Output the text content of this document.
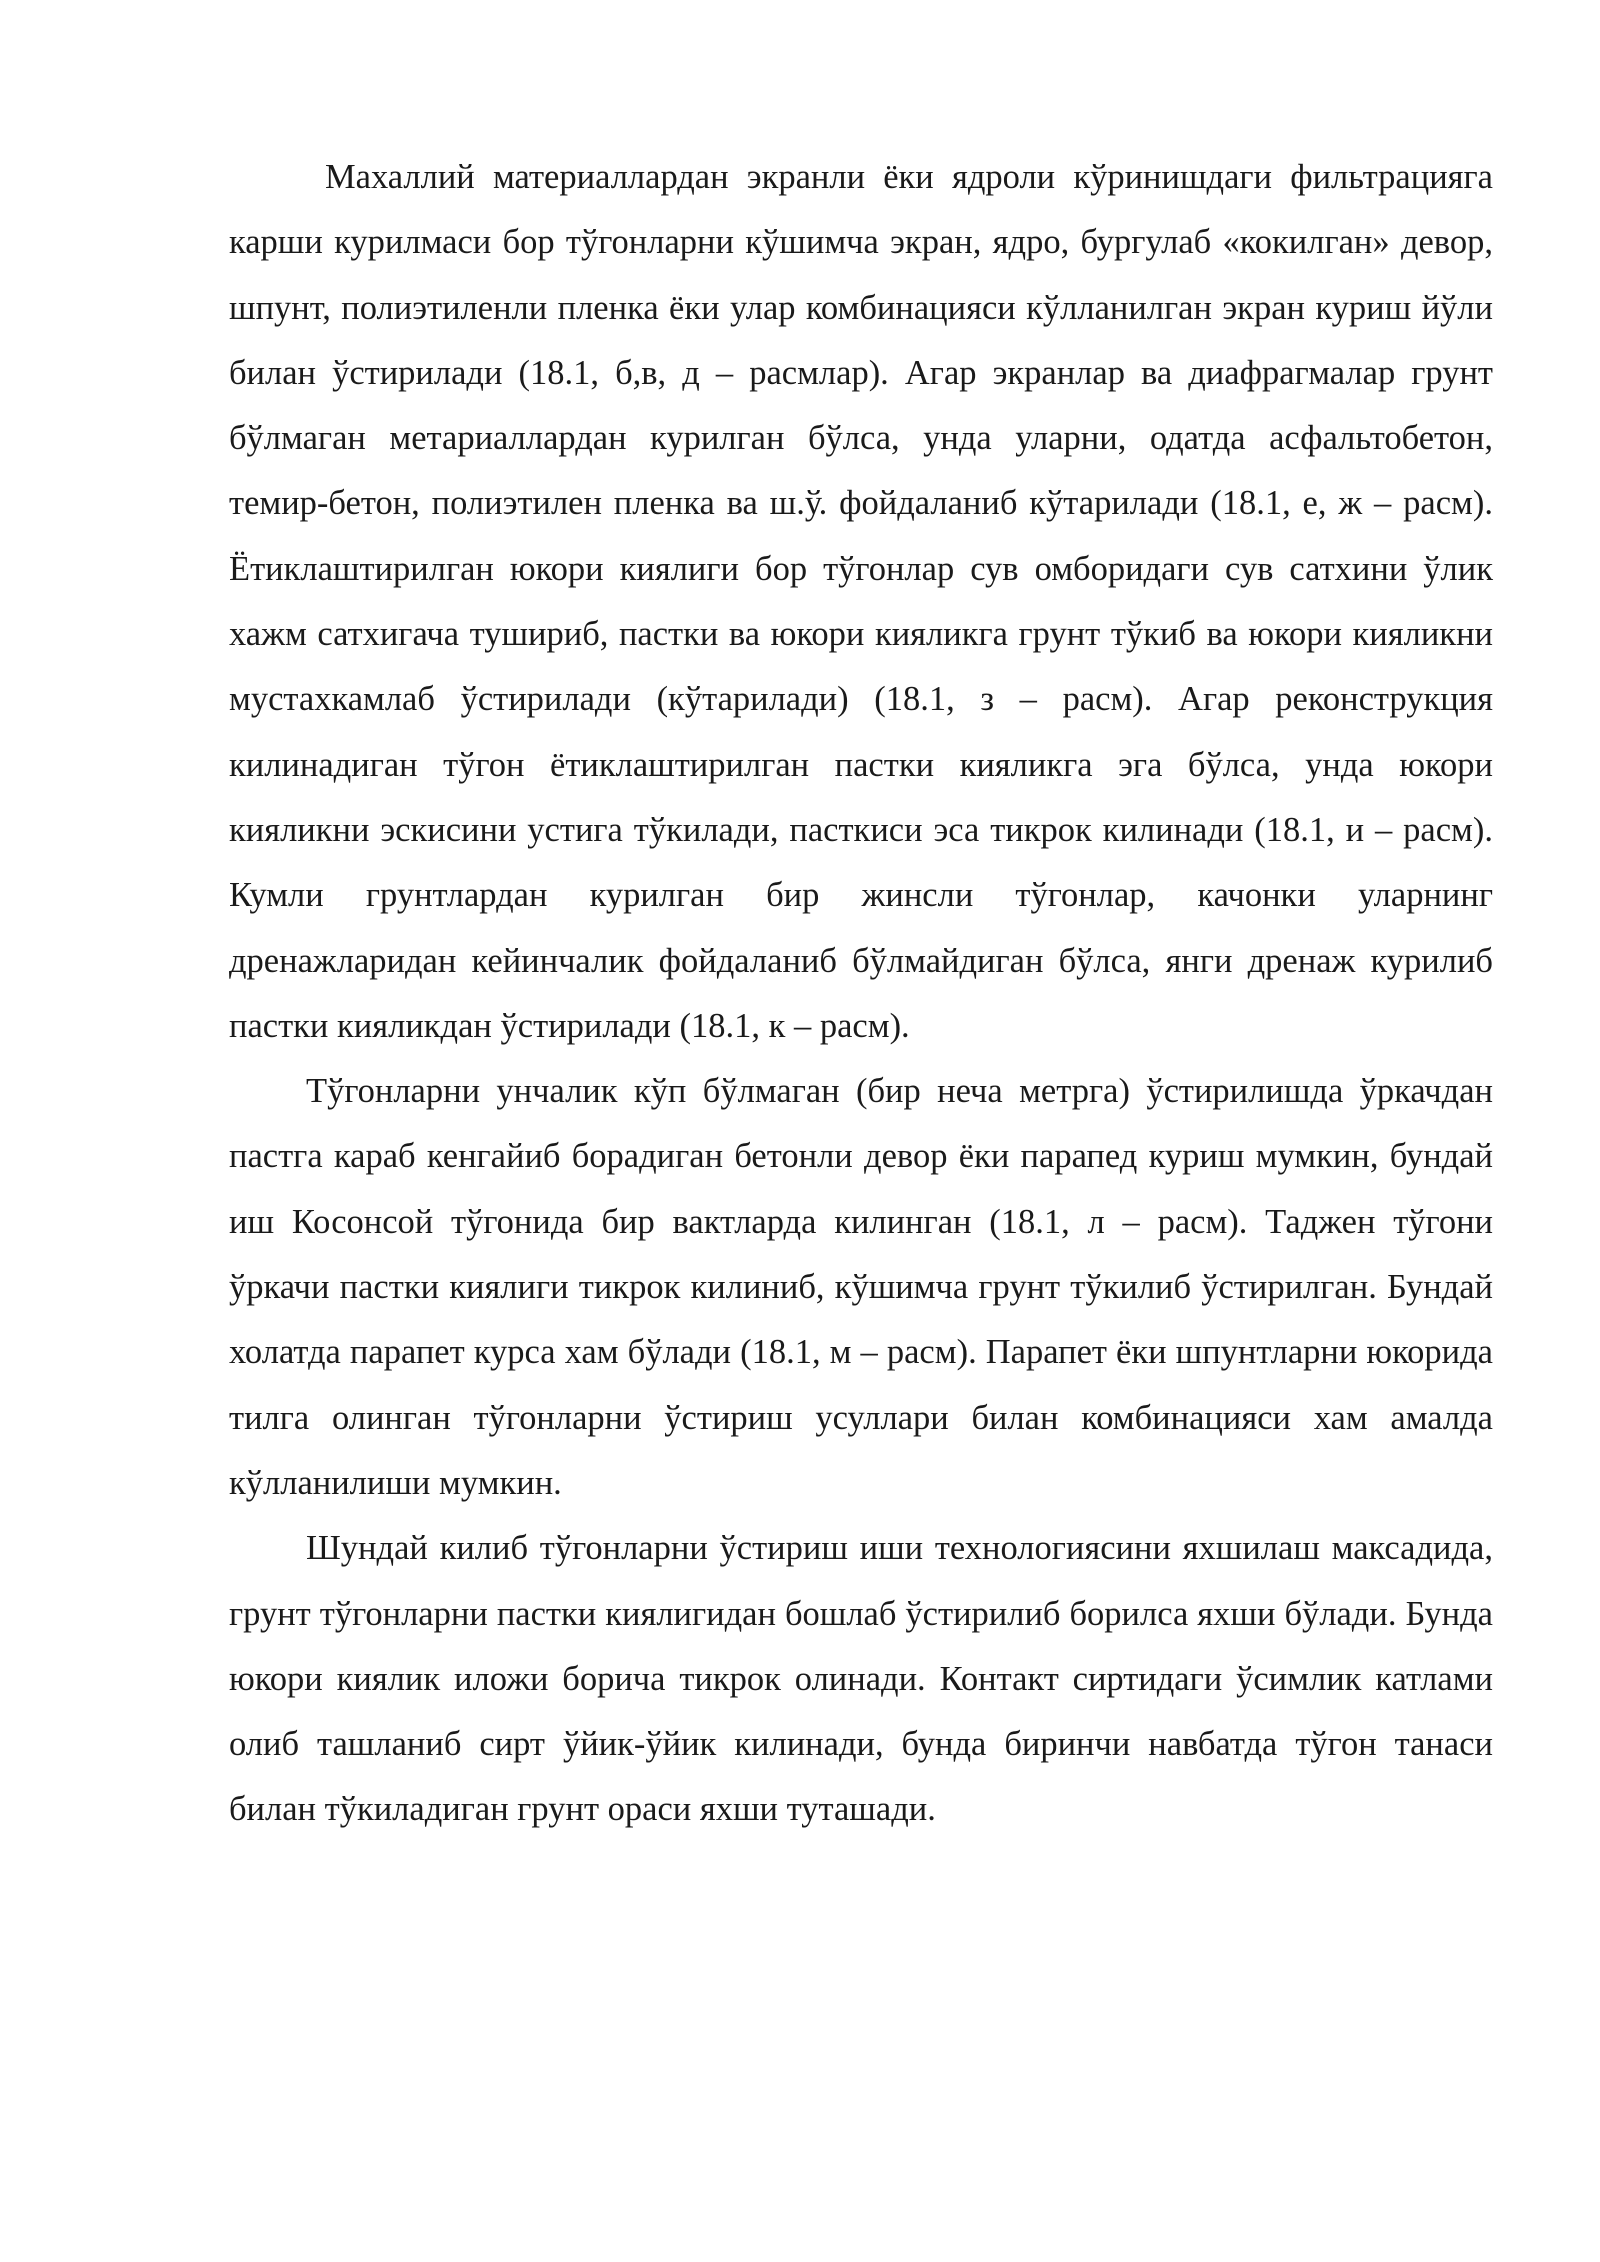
Махаллий материаллардан экранли ёки ядроли кўринишдаги фильтрацияга карши курилмаси бор тўгонларни кўшимча экран, ядро, бургулаб «кокилган» девор, шпунт, полиэтиленли пленка ёки улар комбинацияси кўлланилган экран куриш йўли билан ўстирилади (18.1, б,в, д – расмлар). Агар экранлар ва диафрагмалар грунт бўлмаган метариаллардан курилган бўлса, унда уларни, одатда асфальтобетон, темир-бетон, полиэтилен пленка ва ш.ў. фойдаланиб кўтарилади (18.1, е, ж – расм). Ётиклаштирилган юкори киялиги бор тўгонлар сув омборидаги сув сатхини ўлик хажм сатхигача тушириб, пастки ва юкори кияликга грунт тўкиб ва юкори кияликни мустахкамлаб ўстирилади (кўтарилади) (18.1, з – расм). Агар реконструкция килинадиган тўгон ётиклаштирилган пастки кияликга эга бўлса, унда юкори кияликни эскисини устига тўкилади, пасткиси эса тикрок килинади (18.1, и – расм). Кумли грунтлардан курилган бир жинсли тўгонлар, качонки уларнинг дренажларидан кейинчалик фойдаланиб бўлмайдиган бўлса, янги дренаж курилиб пастки кияликдан ўстирилади (18.1, к – расм).

Тўгонларни унчалик кўп бўлмаган (бир неча метрга) ўстирилишда ўркачдан пастга караб кенгайиб борадиган бетонли девор ёки парапед куриш мумкин, бундай иш Косонсой тўгонида бир вактларда килинган (18.1, л – расм). Таджен тўгони ўркачи пастки киялиги тикрок килиниб, кўшимча грунт тўкилиб ўстирилган. Бундай холатда парапет курса хам бўлади (18.1, м – расм). Парапет ёки шпунтларни юкорида тилга олинган тўгонларни ўстириш усуллари билан комбинацияси хам амалда кўлланилиши мумкин.

Шундай килиб тўгонларни ўстириш иши технологиясини яхшилаш максадида, грунт тўгонларни пастки киялигидан бошлаб ўстирилиб борилса яхши бўлади. Бунда юкори киялик иложи борича тикрок олинади. Контакт сиртидаги ўсимлик катлами олиб ташланиб сирт ўйик-ўйик килинади, бунда биринчи навбатда тўгон танаси билан тўкиладиган грунт ораси яхши туташади.
